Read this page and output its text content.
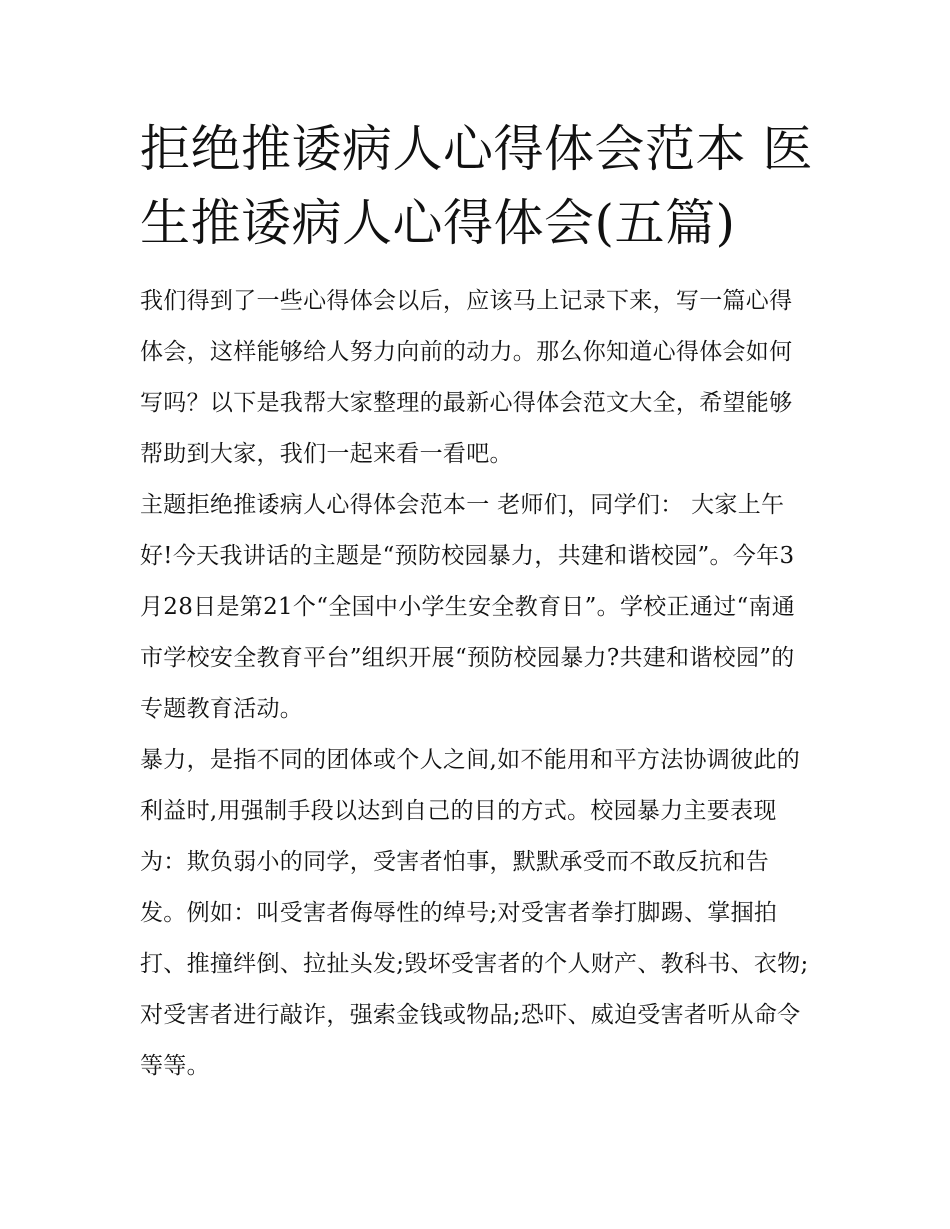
拒绝推诿病人心得体会范本 医生推诿病人心得体会(五篇)

我们得到了一些心得体会以后，应该马上记录下来，写一篇心得体会，这样能够给人努力向前的动力。那么你知道心得体会如何写吗？以下是我帮大家整理的最新心得体会范文大全，希望能够帮助到大家，我们一起来看一看吧。

主题拒绝推诿病人心得体会范本一 老师们，同学们： 大家上午好!今天我讲话的主题是“预防校园暴力，共建和谐校园”。今年3月28日是第21个“全国中小学生安全教育日”。学校正通过“南通市学校安全教育平台”组织开展“预防校园暴力?共建和谐校园”的专题教育活动。

暴力，是指不同的团体或个人之间,如不能用和平方法协调彼此的利益时,用强制手段以达到自己的目的方式。校园暴力主要表现为：欺负弱小的同学，受害者怕事，默默承受而不敢反抗和告发。例如：叫受害者侮辱性的绰号;对受害者拳打脚踢、掌掴拍打、推撞绊倒、拉扯头发;毁坏受害者的个人财产、教科书、衣物;对受害者进行敲诈，强索金钱或物品;恐吓、威迫受害者听从命令等等。
